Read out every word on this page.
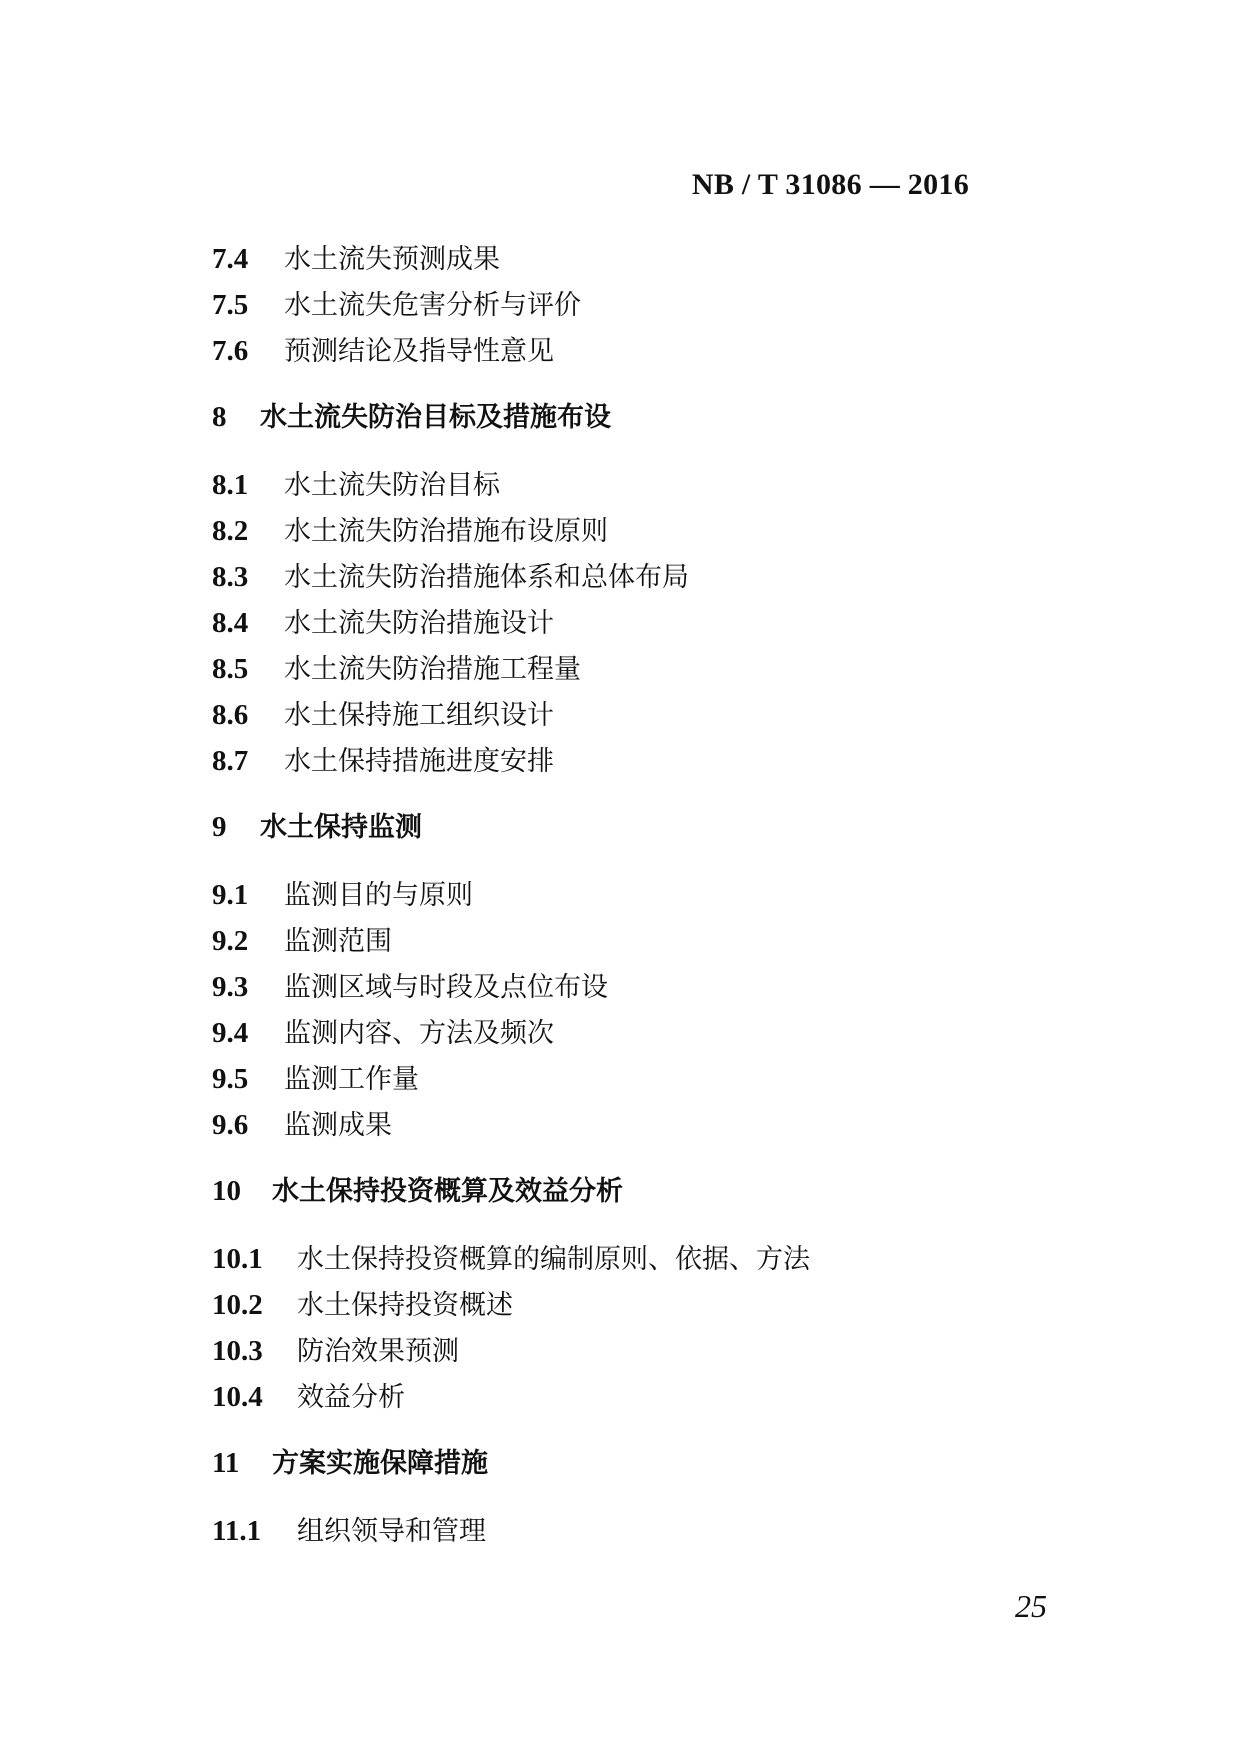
NB / T 31086 — 2016

7.4	水土流失预测成果
7.5	水土流失危害分析与评价
7.6	预测结论及指导性意见
8	水土流失防治目标及措施布设
8.1	水土流失防治目标
8.2	水土流失防治措施布设原则
8.3	水土流失防治措施体系和总体布局
8.4	水土流失防治措施设计
8.5	水土流失防治措施工程量
8.6	水土保持施工组织设计
8.7	水土保持措施进度安排
9	水土保持监测
9.1	监测目的与原则
9.2	监测范围
9.3	监测区域与时段及点位布设
9.4	监测内容、方法及频次
9.5	监测工作量
9.6	监测成果
10	水土保持投资概算及效益分析
10.1	水土保持投资概算的编制原则、依据、方法
10.2	水土保持投资概述
10.3	防治效果预测
10.4	效益分析
11	方案实施保障措施
11.1	组织领导和管理

25
